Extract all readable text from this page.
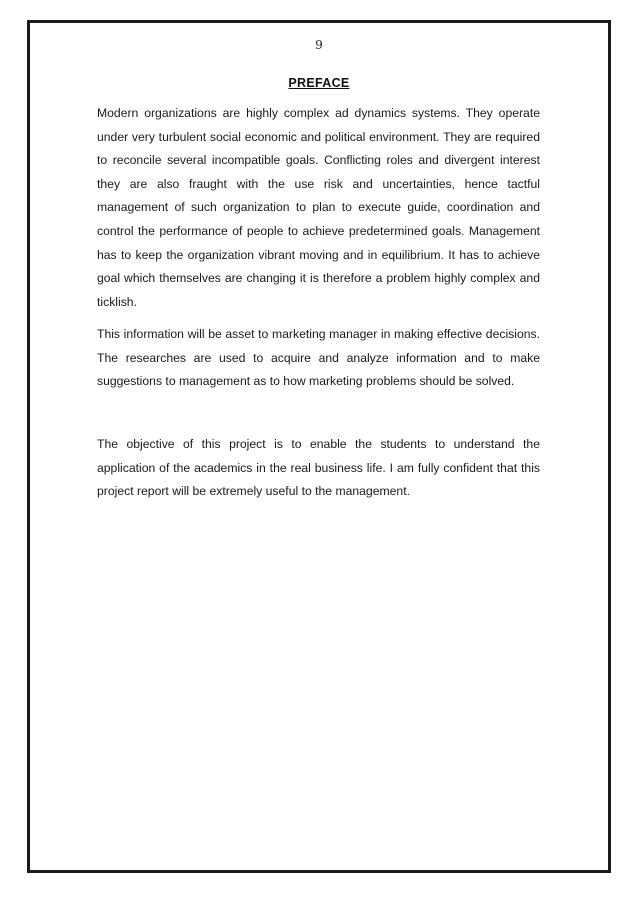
9
PREFACE

Modern organizations are highly complex ad dynamics systems. They operate under very turbulent social economic and political environment. They are required to reconcile several incompatible goals. Conflicting roles and divergent interest they are also fraught with the use risk and uncertainties, hence tactful management of such organization to plan to execute guide, coordination and control the performance of people to achieve predetermined goals. Management has to keep the organization vibrant moving and in equilibrium. It has to achieve goal which themselves are changing it is therefore a problem highly complex and ticklish.

This information will be asset to marketing manager in making effective decisions. The researches are used to acquire and analyze information and to make suggestions to management as to how marketing problems should be solved.

The objective of this project is to enable the students to understand the application of the academics in the real business life. I am fully confident that this project report will be extremely useful to the management.
